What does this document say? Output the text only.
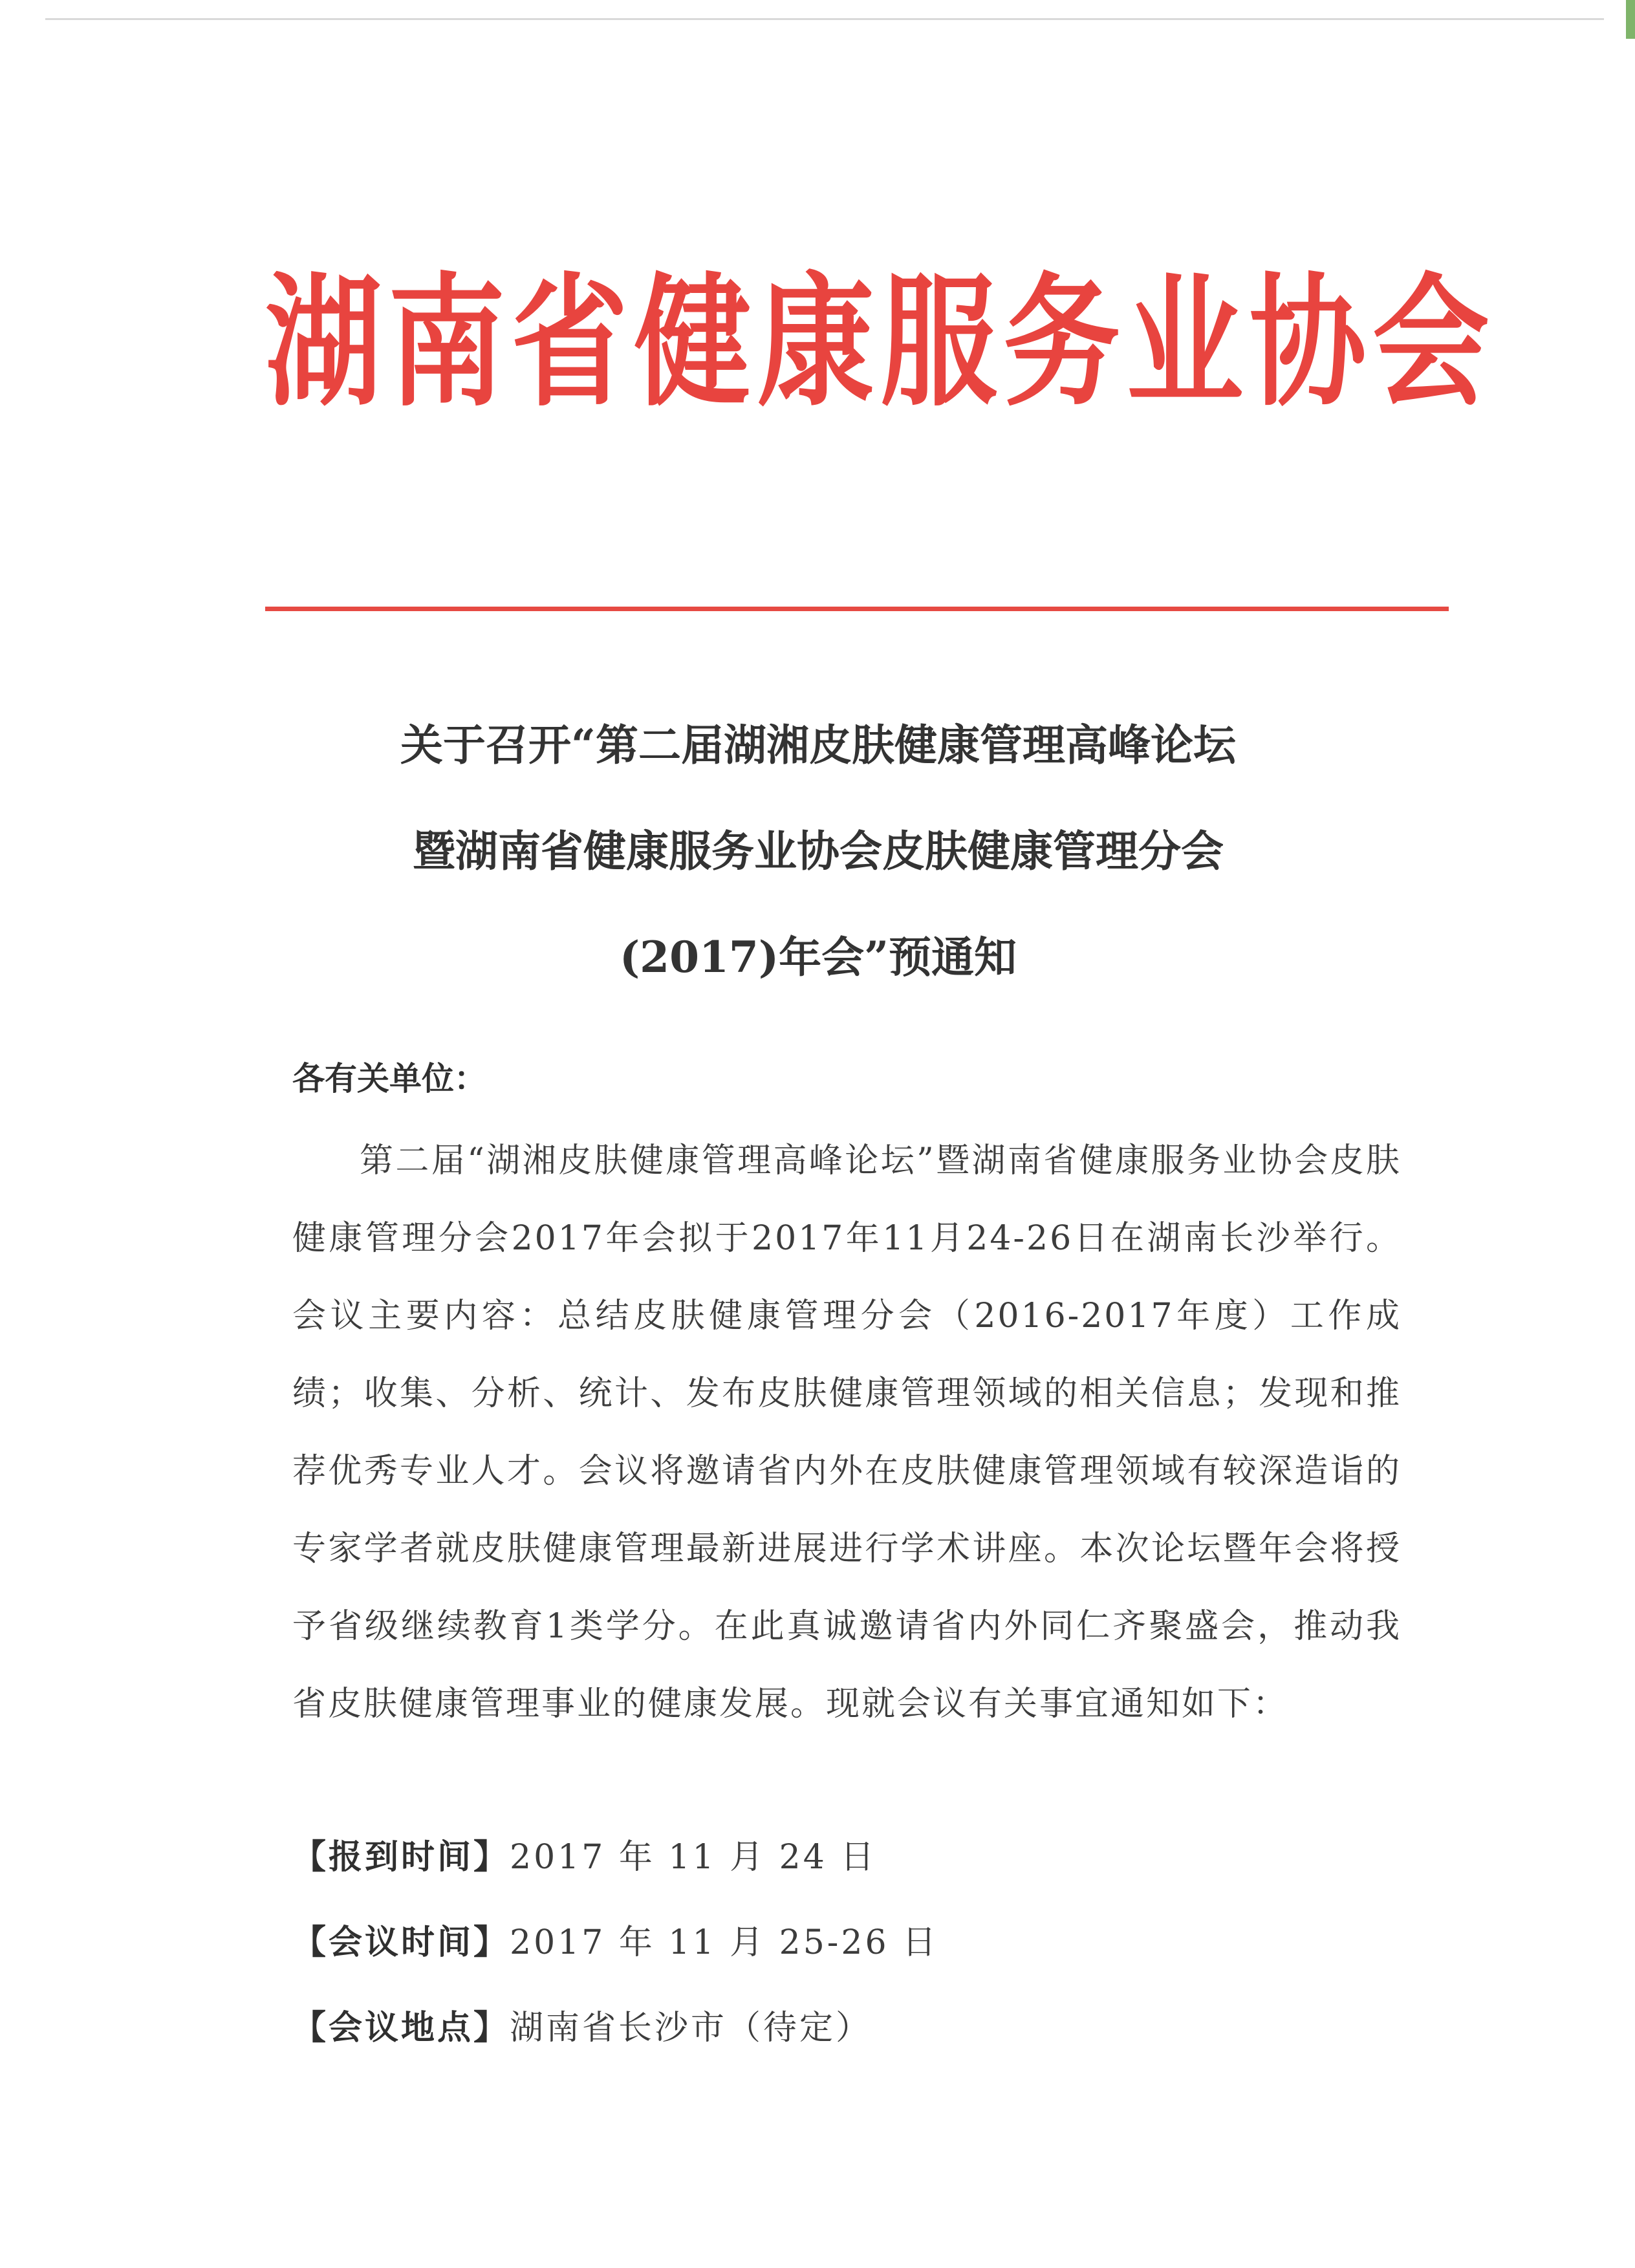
湖南省健康服务业协会
关于召开“第二届湖湘皮肤健康管理高峰论坛
暨湖南省健康服务业协会皮肤健康管理分会
(2017)年会”预通知

各有关单位：

第二届“湖湘皮肤健康管理高峰论坛”暨湖南省健康服务业协会皮肤健康管理分会2017年会拟于2017年11月24-26日在湖南长沙举行。会议主要内容：总结皮肤健康管理分会（2016-2017年度）工作成绩；收集、分析、统计、发布皮肤健康管理领域的相关信息；发现和推荐优秀专业人才。会议将邀请省内外在皮肤健康管理领域有较深造诣的专家学者就皮肤健康管理最新进展进行学术讲座。本次论坛暨年会将授予省级继续教育1类学分。在此真诚邀请省内外同仁齐聚盛会，推动我省皮肤健康管理事业的健康发展。现就会议有关事宜通知如下：

【报到时间】2017 年 11 月 24 日
【会议时间】2017 年 11 月 25-26 日
【会议地点】湖南省长沙市（待定）
